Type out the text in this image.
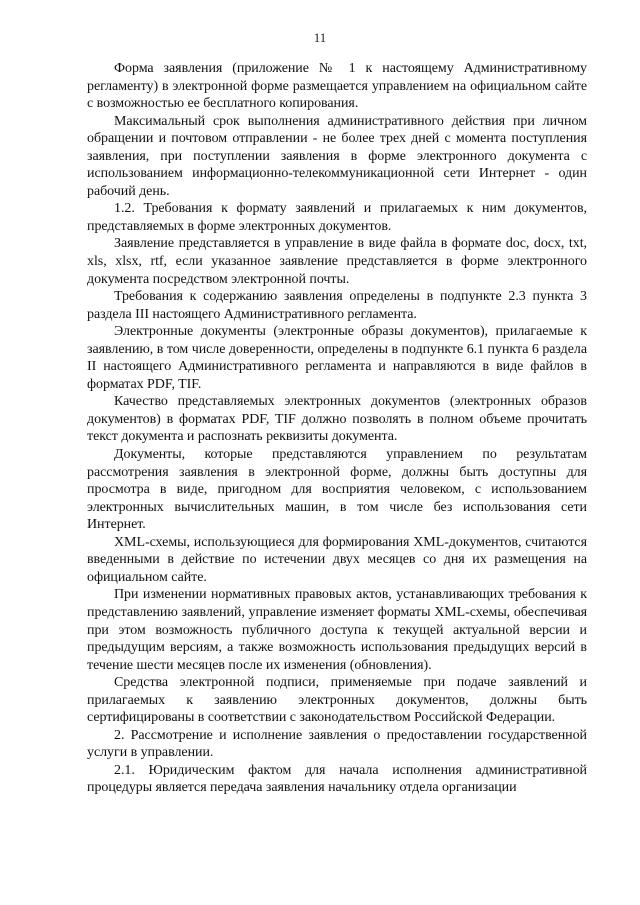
11

Форма заявления (приложение № 1 к настоящему Административному регламенту) в электронной форме размещается управлением на официальном сайте с возможностью ее бесплатного копирования.

Максимальный срок выполнения административного действия при личном обращении и почтовом отправлении - не более трех дней с момента поступления заявления, при поступлении заявления в форме электронного документа с использованием информационно-телекоммуникационной сети Интернет - один рабочий день.

1.2. Требования к формату заявлений и прилагаемых к ним документов, представляемых в форме электронных документов.

Заявление представляется в управление в виде файла в формате doc, docx, txt, xls, xlsx, rtf, если указанное заявление представляется в форме электронного документа посредством электронной почты.

Требования к содержанию заявления определены в подпункте 2.3 пункта 3 раздела III настоящего Административного регламента.

Электронные документы (электронные образы документов), прилагаемые к заявлению, в том числе доверенности, определены в подпункте 6.1 пункта 6 раздела II настоящего Административного регламента и направляются в виде файлов в форматах PDF, TIF.

Качество представляемых электронных документов (электронных образов документов) в форматах PDF, TIF должно позволять в полном объеме прочитать текст документа и распознать реквизиты документа.

Документы, которые представляются управлением по результатам рассмотрения заявления в электронной форме, должны быть доступны для просмотра в виде, пригодном для восприятия человеком, с использованием электронных вычислительных машин, в том числе без использования сети Интернет.

XML-схемы, использующиеся для формирования XML-документов, считаются введенными в действие по истечении двух месяцев со дня их размещения на официальном сайте.

При изменении нормативных правовых актов, устанавливающих требования к представлению заявлений, управление изменяет форматы XML-схемы, обеспечивая при этом возможность публичного доступа к текущей актуальной версии и предыдущим версиям, а также возможность использования предыдущих версий в течение шести месяцев после их изменения (обновления).

Средства электронной подписи, применяемые при подаче заявлений и прилагаемых к заявлению электронных документов, должны быть сертифицированы в соответствии с законодательством Российской Федерации.

2. Рассмотрение и исполнение заявления о предоставлении государственной услуги в управлении.

2.1. Юридическим фактом для начала исполнения административной процедуры является передача заявления начальнику отдела организации
